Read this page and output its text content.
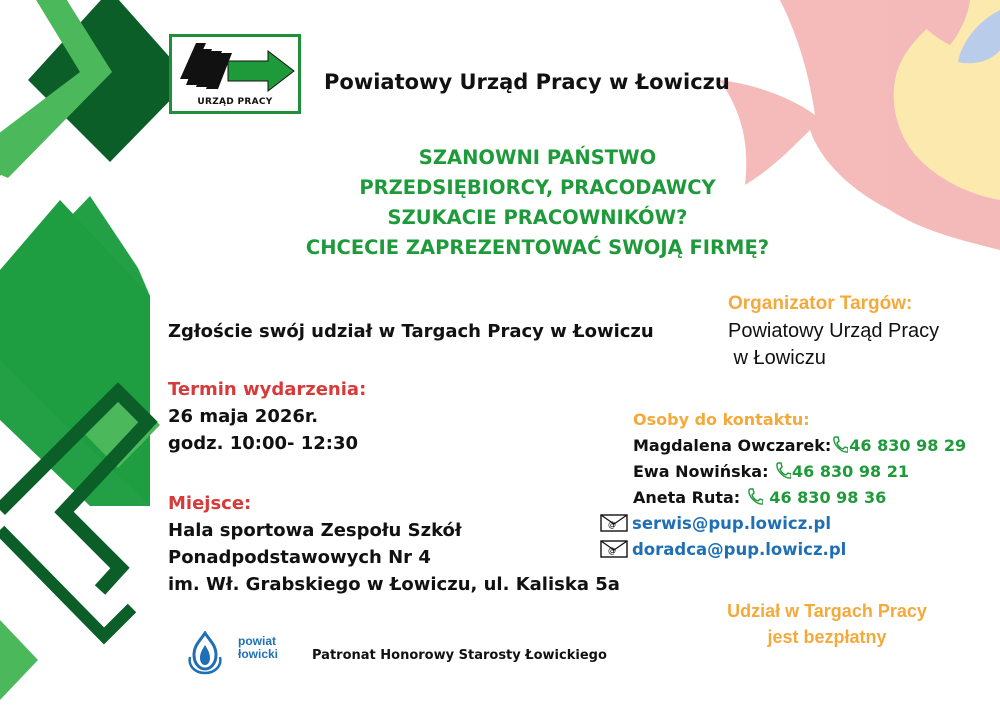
URZĄD PRACY
Powiatowy Urząd Pracy w Łowiczu
SZANOWNI PAŃSTWO
PRZEDSIĘBIORCY, PRACODAWCY
SZUKACIE PRACOWNIKÓW?
CHCECIE ZAPREZENTOWAĆ SWOJĄ FIRMĘ?
Zgłoście swój udział w Targach Pracy w Łowiczu
Termin wydarzenia:
26 maja 2026r.
godz. 10:00- 12:30
Miejsce:
Hala sportowa Zespołu Szkół
Ponadpodstawowych Nr 4
im. Wł. Grabskiego w Łowiczu, ul. Kaliska 5a
Organizator Targów:
Powiatowy Urząd Pracy
w Łowiczu
Osoby do kontaktu:
Magdalena Owczarek: 46 830 98 29
Ewa Nowińska: 46 830 98 21
Aneta Ruta:  46 830 98 36
@ serwis@pup.lowicz.pl
@ doradca@pup.lowicz.pl
Udział w Targach Pracy
jest bezpłatny
powiat
łowicki	Patronat Honorowy Starosty Łowickiego
